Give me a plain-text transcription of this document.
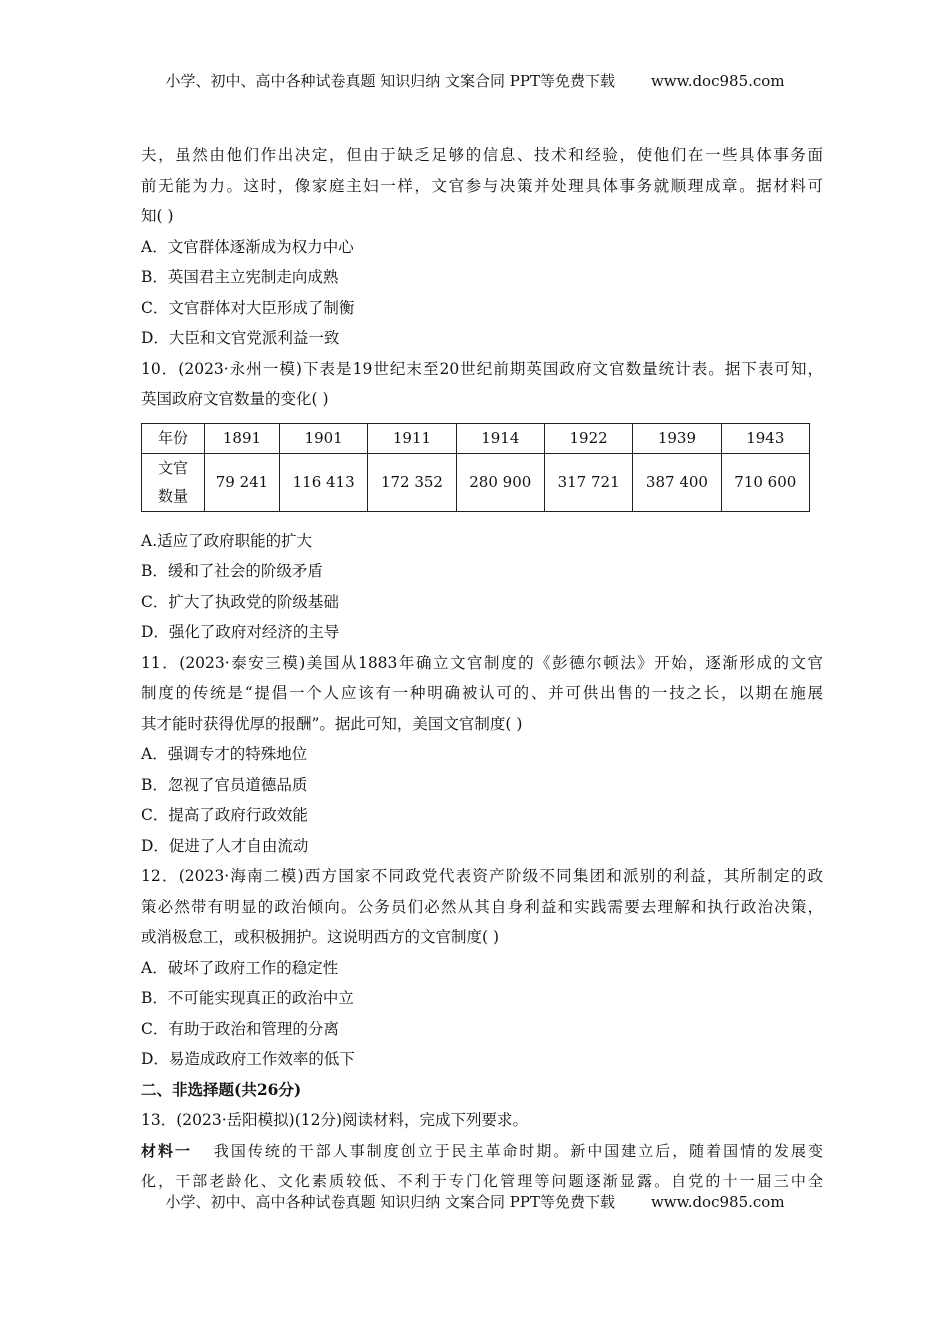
小学、初中、高中各种试卷真题 知识归纳 文案合同 PPT等免费下载 www.doc985.com
夫，虽然由他们作出决定，但由于缺乏足够的信息、技术和经验，使他们在一些具体事务面
前无能为力。这时，像家庭主妇一样，文官参与决策并处理具体事务就顺理成章。据材料可
知( )
A．文官群体逐渐成为权力中心
B．英国君主立宪制走向成熟
C．文官群体对大臣形成了制衡
D．大臣和文官党派利益一致
10．(2023·永州一模)下表是19世纪末至20世纪前期英国政府文官数量统计表。据下表可知，
英国政府文官数量的变化( )
年份	1891	1901	1911	1914	1922	1939	1943
文官
数量	79 241	116 413	172 352	280 900	317 721	387 400	710 600
A.适应了政府职能的扩大
B．缓和了社会的阶级矛盾
C．扩大了执政党的阶级基础
D．强化了政府对经济的主导
11．(2023·泰安三模)美国从1883年确立文官制度的《彭德尔顿法》开始，逐渐形成的文官
制度的传统是“提倡一个人应该有一种明确被认可的、并可供出售的一技之长，以期在施展
其才能时获得优厚的报酬”。据此可知，美国文官制度( )
A．强调专才的特殊地位
B．忽视了官员道德品质
C．提高了政府行政效能
D．促进了人才自由流动
12．(2023·海南二模)西方国家不同政党代表资产阶级不同集团和派别的利益，其所制定的政
策必然带有明显的政治倾向。公务员们必然从其自身利益和实践需要去理解和执行政治决策，
或消极怠工，或积极拥护。这说明西方的文官制度( )
A．破坏了政府工作的稳定性
B．不可能实现真正的政治中立
C．有助于政治和管理的分离
D．易造成政府工作效率的低下
二、非选择题(共26分)
13．(2023·岳阳模拟)(12分)阅读材料，完成下列要求。
材料一 我国传统的干部人事制度创立于民主革命时期。新中国建立后，随着国情的发展变
化，干部老龄化、文化素质较低、不利于专门化管理等问题逐渐显露。自党的十一届三中全
小学、初中、高中各种试卷真题 知识归纳 文案合同 PPT等免费下载 www.doc985.com
